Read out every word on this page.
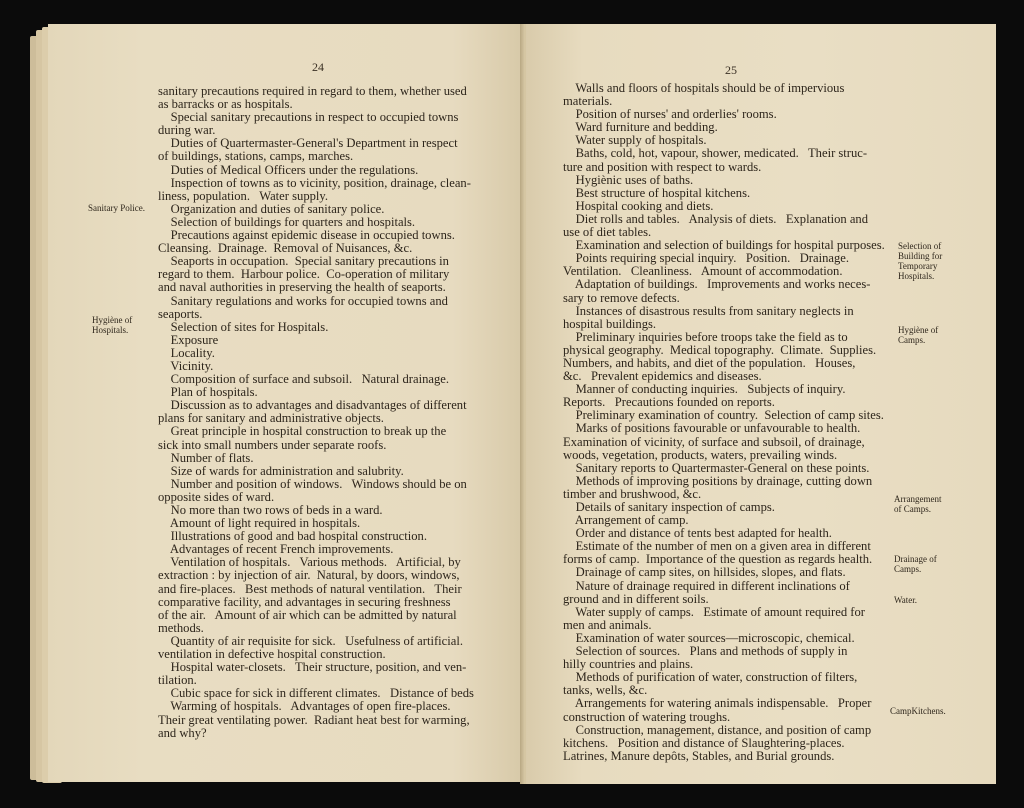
24
Sanitary Police.
Hygiène of
Hospitals.
sanitary precautions required in regard to them, whether used
as barracks or as hospitals.
Special sanitary precautions in respect to occupied towns
during war.
Duties of Quartermaster-General's Department in respect
of buildings, stations, camps, marches.
Duties of Medical Officers under the regulations.
Inspection of towns as to vicinity, position, drainage, clean-
liness, population.   Water supply.
Organization and duties of sanitary police.
Selection of buildings for quarters and hospitals.
Precautions against epidemic disease in occupied towns.
Cleansing.  Drainage.  Removal of Nuisances, &c.
Seaports in occupation.  Special sanitary precautions in
regard to them.  Harbour police.  Co-operation of military
and naval authorities in preserving the health of seaports.
Sanitary regulations and works for occupied towns and
seaports.
Selection of sites for Hospitals.
Exposure
Locality.
Vicinity.
Composition of surface and subsoil.   Natural drainage.
Plan of hospitals.
Discussion as to advantages and disadvantages of different
plans for sanitary and administrative objects.
Great principle in hospital construction to break up the
sick into small numbers under separate roofs.
Number of flats.
Size of wards for administration and salubrity.
Number and position of windows.   Windows should be on
opposite sides of ward.
No more than two rows of beds in a ward.
Amount of light required in hospitals.
Illustrations of good and bad hospital construction.
Advantages of recent French improvements.
Ventilation of hospitals.   Various methods.   Artificial, by
extraction : by injection of air.  Natural, by doors, windows,
and fire-places.   Best methods of natural ventilation.   Their
comparative facility, and advantages in securing freshness
of the air.   Amount of air which can be admitted by natural
methods.
Quantity of air requisite for sick.   Usefulness of artificial.
ventilation in defective hospital construction.
Hospital water-closets.   Their structure, position, and ven-
tilation.
Cubic space for sick in different climates.   Distance of beds
Warming of hospitals.   Advantages of open fire-places.
Their great ventilating power.  Radiant heat best for warming,
and why?
25
Walls and floors of hospitals should be of impervious
materials.
Position of nurses' and orderlies' rooms.
Ward furniture and bedding.
Water supply of hospitals.
Baths, cold, hot, vapour, shower, medicated.   Their struc-
ture and position with respect to wards.
Hygiènic uses of baths.
Best structure of hospital kitchens.
Hospital cooking and diets.
Diet rolls and tables.   Analysis of diets.   Explanation and
use of diet tables.
Examination and selection of buildings for hospital purposes.
Points requiring special inquiry.   Position.   Drainage.
Ventilation.   Cleanliness.   Amount of accommodation.
Adaptation of buildings.   Improvements and works neces-
sary to remove defects.
Instances of disastrous results from sanitary neglects in
hospital buildings.
Preliminary inquiries before troops take the field as to
physical geography.  Medical topography.  Climate.  Supplies.
Numbers, and habits, and diet of the population.   Houses,
&c.   Prevalent epidemics and diseases.
Manner of conducting inquiries.   Subjects of inquiry.
Reports.   Precautions founded on reports.
Preliminary examination of country.  Selection of camp sites.
Marks of positions favourable or unfavourable to health.
Examination of vicinity, of surface and subsoil, of drainage,
woods, vegetation, products, waters, prevailing winds.
Sanitary reports to Quartermaster-General on these points.
Methods of improving positions by drainage, cutting down
timber and brushwood, &c.
Details of sanitary inspection of camps.
Arrangement of camp.
Order and distance of tents best adapted for health.
Estimate of the number of men on a given area in different
forms of camp.  Importance of the question as regards health.
Drainage of camp sites, on hillsides, slopes, and flats.
Nature of drainage required in different inclinations of
ground and in different soils.
Water supply of camps.   Estimate of amount required for
men and animals.
Examination of water sources—microscopic, chemical.
Selection of sources.   Plans and methods of supply in
hilly countries and plains.
Methods of purification of water, construction of filters,
tanks, wells, &c.
Arrangements for watering animals indispensable.   Proper
construction of watering troughs.
Construction, management, distance, and position of camp
kitchens.   Position and distance of Slaughtering-places.
Latrines, Manure depôts, Stables, and Burial grounds.
Selection of
Building for
Temporary
Hospitals.
Hygiène of
Camps.
Arrangement
of Camps.
Drainage of
Camps.
Water.
CampKitchens.
